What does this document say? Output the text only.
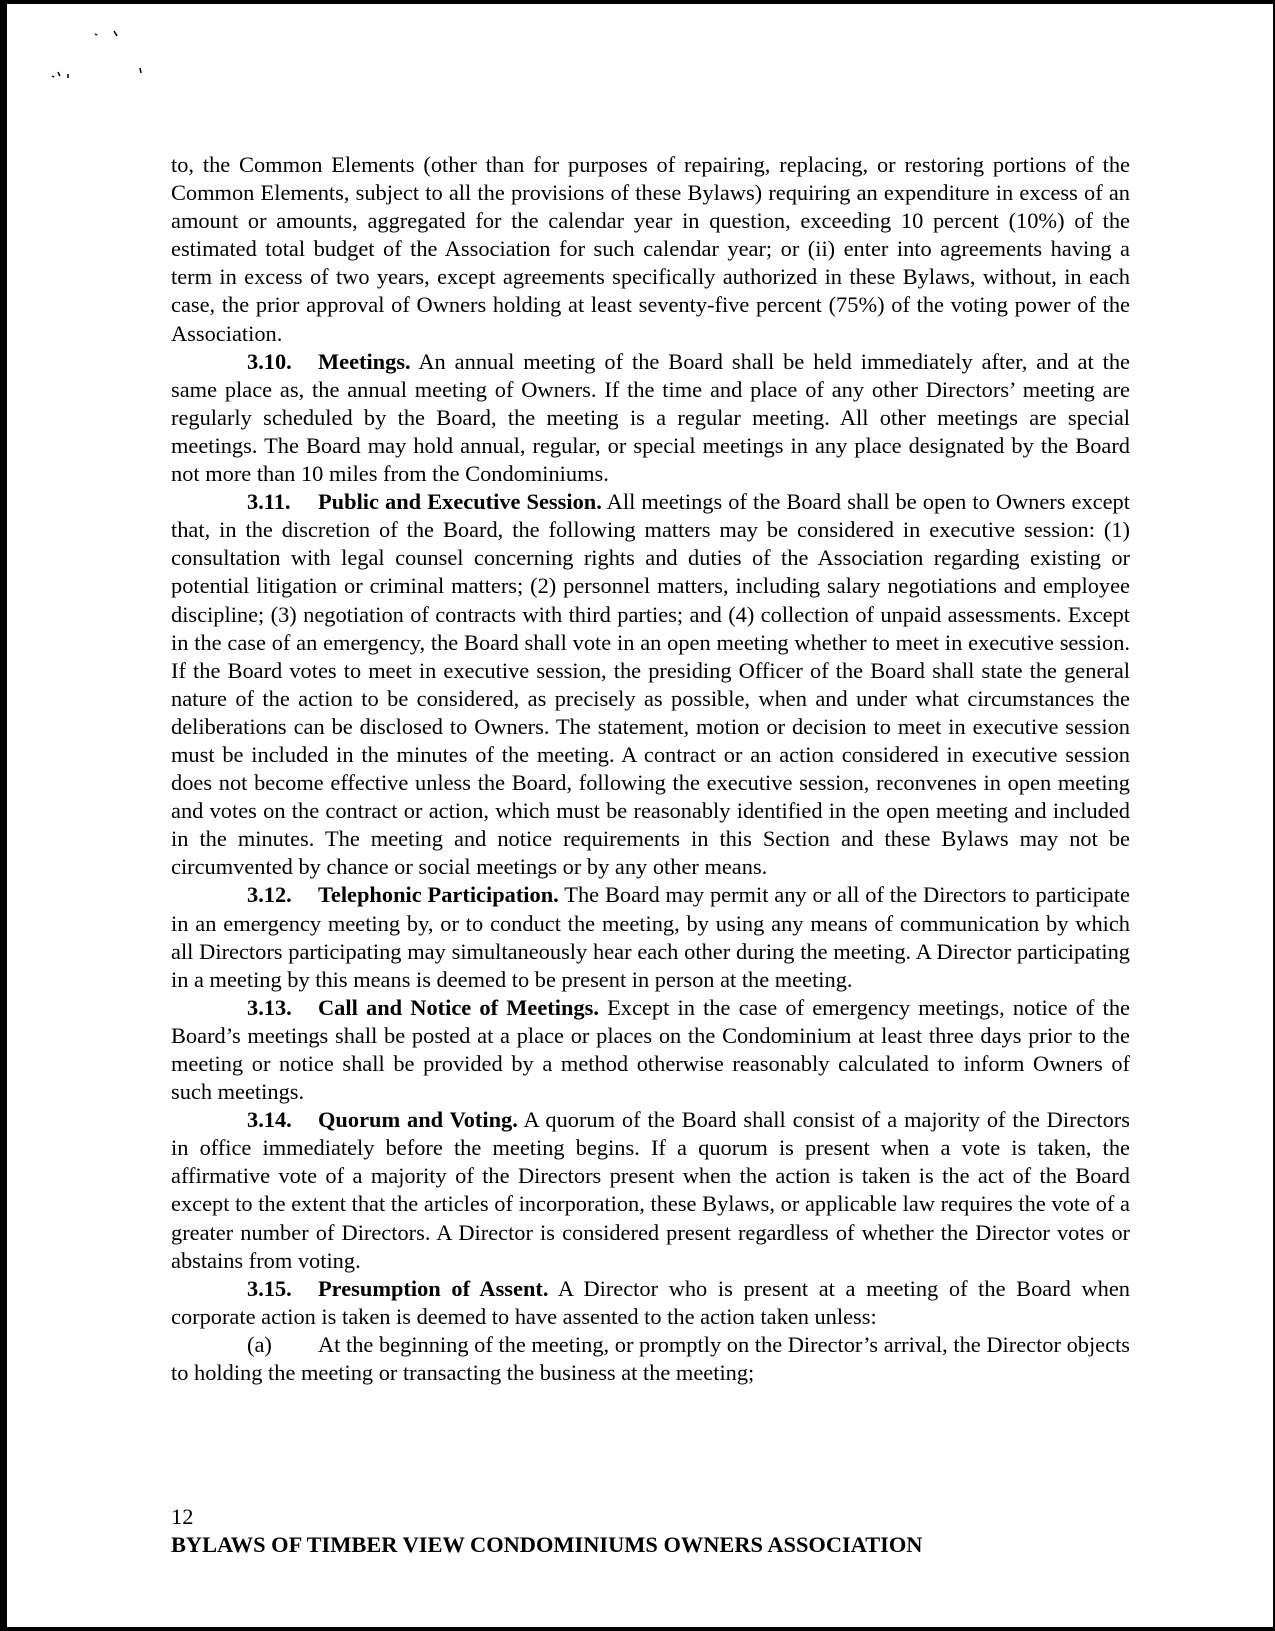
to, the Common Elements (other than for purposes of repairing, replacing, or restoring portions of the Common Elements, subject to all the provisions of these Bylaws) requiring an expenditure in excess of an amount or amounts, aggregated for the calendar year in question, exceeding 10 percent (10%) of the estimated total budget of the Association for such calendar year; or (ii) enter into agreements having a term in excess of two years, except agreements specifically authorized in these Bylaws, without, in each case, the prior approval of Owners holding at least seventy-five percent (75%) of the voting power of the Association.

3.10. Meetings. An annual meeting of the Board shall be held immediately after, and at the same place as, the annual meeting of Owners. If the time and place of any other Directors’ meeting are regularly scheduled by the Board, the meeting is a regular meeting. All other meetings are special meetings. The Board may hold annual, regular, or special meetings in any place designated by the Board not more than 10 miles from the Condominiums.

3.11. Public and Executive Session. All meetings of the Board shall be open to Owners except that, in the discretion of the Board, the following matters may be considered in executive session: (1) consultation with legal counsel concerning rights and duties of the Association regarding existing or potential litigation or criminal matters; (2) personnel matters, including salary negotiations and employee discipline; (3) negotiation of contracts with third parties; and (4) collection of unpaid assessments. Except in the case of an emergency, the Board shall vote in an open meeting whether to meet in executive session. If the Board votes to meet in executive session, the presiding Officer of the Board shall state the general nature of the action to be considered, as precisely as possible, when and under what circumstances the deliberations can be disclosed to Owners. The statement, motion or decision to meet in executive session must be included in the minutes of the meeting. A contract or an action considered in executive session does not become effective unless the Board, following the executive session, reconvenes in open meeting and votes on the contract or action, which must be reasonably identified in the open meeting and included in the minutes. The meeting and notice requirements in this Section and these Bylaws may not be circumvented by chance or social meetings or by any other means.

3.12. Telephonic Participation. The Board may permit any or all of the Directors to participate in an emergency meeting by, or to conduct the meeting, by using any means of communication by which all Directors participating may simultaneously hear each other during the meeting. A Director participating in a meeting by this means is deemed to be present in person at the meeting.

3.13. Call and Notice of Meetings. Except in the case of emergency meetings, notice of the Board’s meetings shall be posted at a place or places on the Condominium at least three days prior to the meeting or notice shall be provided by a method otherwise reasonably calculated to inform Owners of such meetings.

3.14. Quorum and Voting. A quorum of the Board shall consist of a majority of the Directors in office immediately before the meeting begins. If a quorum is present when a vote is taken, the affirmative vote of a majority of the Directors present when the action is taken is the act of the Board except to the extent that the articles of incorporation, these Bylaws, or applicable law requires the vote of a greater number of Directors. A Director is considered present regardless of whether the Director votes or abstains from voting.

3.15. Presumption of Assent. A Director who is present at a meeting of the Board when corporate action is taken is deemed to have assented to the action taken unless:

(a) At the beginning of the meeting, or promptly on the Director’s arrival, the Director objects to holding the meeting or transacting the business at the meeting;

12
BYLAWS OF TIMBER VIEW CONDOMINIUMS OWNERS ASSOCIATION
